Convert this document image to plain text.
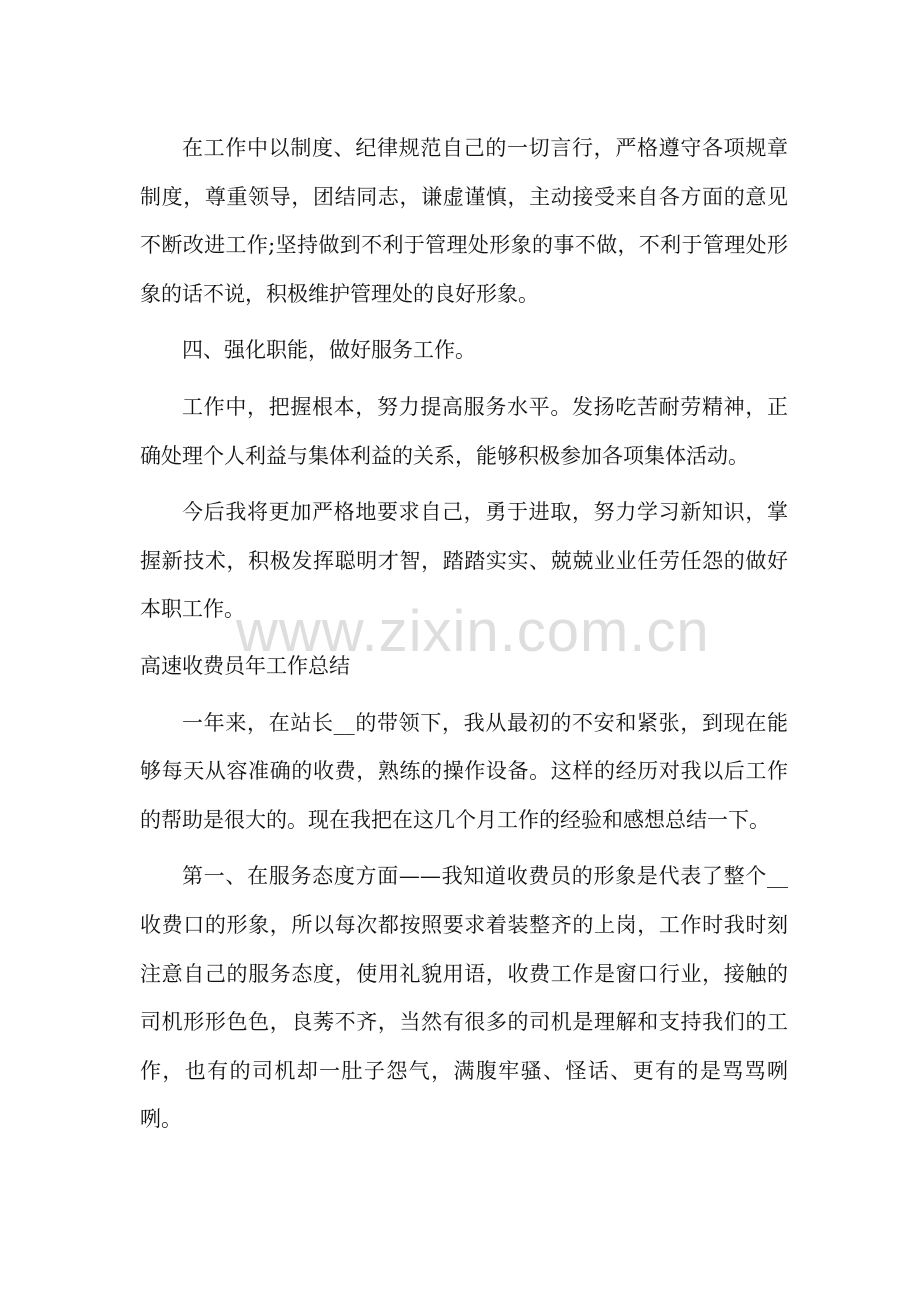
在工作中以制度、纪律规范自己的一切言行，严格遵守各项规章制度，尊重领导，团结同志，谦虚谨慎，主动接受来自各方面的意见不断改进工作;坚持做到不利于管理处形象的事不做，不利于管理处形象的话不说，积极维护管理处的良好形象。

四、强化职能，做好服务工作。

工作中，把握根本，努力提高服务水平。发扬吃苦耐劳精神，正确处理个人利益与集体利益的关系，能够积极参加各项集体活动。

今后我将更加严格地要求自己，勇于进取，努力学习新知识，掌握新技术，积极发挥聪明才智，踏踏实实、兢兢业业任劳任怨的做好本职工作。

高速收费员年工作总结

一年来，在站长__的带领下，我从最初的不安和紧张，到现在能够每天从容准确的收费，熟练的操作设备。这样的经历对我以后工作的帮助是很大的。现在我把在这几个月工作的经验和感想总结一下。

第一、在服务态度方面——我知道收费员的形象是代表了整个__收费口的形象，所以每次都按照要求着装整齐的上岗，工作时我时刻注意自己的服务态度，使用礼貌用语，收费工作是窗口行业，接触的司机形形色色，良莠不齐，当然有很多的司机是理解和支持我们的工作，也有的司机却一肚子怨气，满腹牢骚、怪话、更有的是骂骂咧咧。

www.zixin.com.cn
